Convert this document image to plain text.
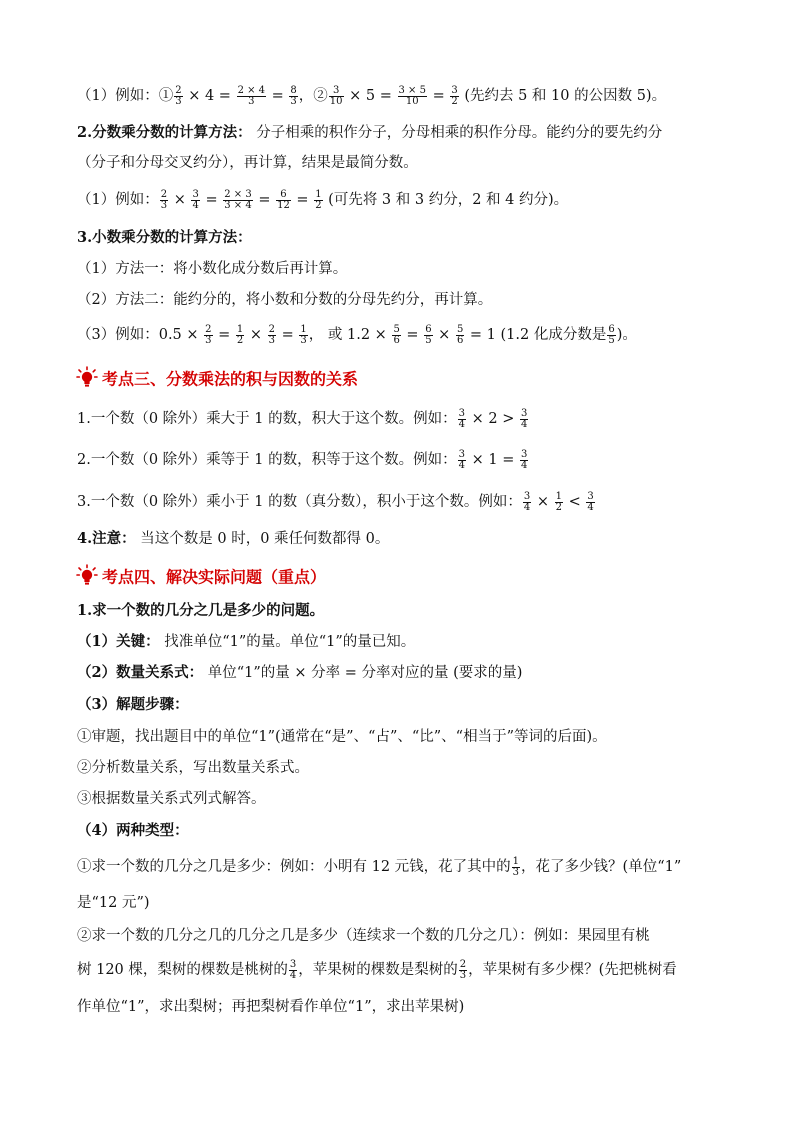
（1）例如：① $\frac{2}{3} \times 4 = \frac{2 \times 4}{3} = \frac{8}{3}$ ，② $\frac{3}{10} \times 5 = \frac{3 \times 5}{10} = \frac{3}{2}$ (先约去 5 和 10 的公因数 5)。
2.分数乘分数的计算方法： 分子相乘的积作分子，分母相乘的积作分母。能约分的要先约分
（分子和分母交叉约分），再计算，结果是最简分数。
（1）例如： $\frac{2}{3} \times \frac{3}{4} = \frac{2 \times 3}{3 \times 4} = \frac{6}{12} = \frac{1}{2}$ (可先将 3 和 3 约分，2 和 4 约分)。
3.小数乘分数的计算方法：
（1）方法一：将小数化成分数后再计算。
（2）方法二：能约分的，将小数和分数的分母先约分，再计算。
（3）例如：$0.5 \times \frac{2}{3} = \frac{1}{2} \times \frac{2}{3} = \frac{1}{3}$ ， 或 $1.2 \times \frac{5}{6} = \frac{6}{5} \times \frac{5}{6} = 1$ (1.2 化成分数是 $\frac{6}{5}$ )。
考点三、分数乘法的积与因数的关系
1.一个数（0 除外）乘大于 1 的数，积大于这个数。例如： $\frac{3}{4} \times 2 > \frac{3}{4}$
2.一个数（0 除外）乘等于 1 的数，积等于这个数。例如： $\frac{3}{4} \times 1 = \frac{3}{4}$
3.一个数（0 除外）乘小于 1 的数（真分数），积小于这个数。例如： $\frac{3}{4} \times \frac{1}{2} < \frac{3}{4}$
4.注意： 当这个数是 0 时，0 乘任何数都得 0。
考点四、解决实际问题（重点）
1.求一个数的几分之几是多少的问题。
（1）关键： 找准单位“1”的量。单位“1”的量已知。
（2）数量关系式： 单位“1”的量 × 分率 = 分率对应的量 (要求的量)
（3）解题步骤：
①审题，找出题目中的单位“1”(通常在“是”、“占”、“比”、“相当于”等词的后面)。
②分析数量关系，写出数量关系式。
③根据数量关系式列式解答。
（4）两种类型：
①求一个数的几分之几是多少：例如：小明有 12 元钱，花了其中的 $\frac{1}{3}$ ，花了多少钱？(单位“1”
是“12 元”)
②求一个数的几分之几的几分之几是多少（连续求一个数的几分之几）：例如：果园里有桃
树 120 棵，梨树的棵数是桃树的 $\frac{3}{4}$ ，苹果树的棵数是梨树的 $\frac{2}{3}$ ，苹果树有多少棵？(先把桃树看
作单位“1”，求出梨树；再把梨树看作单位“1”，求出苹果树)
